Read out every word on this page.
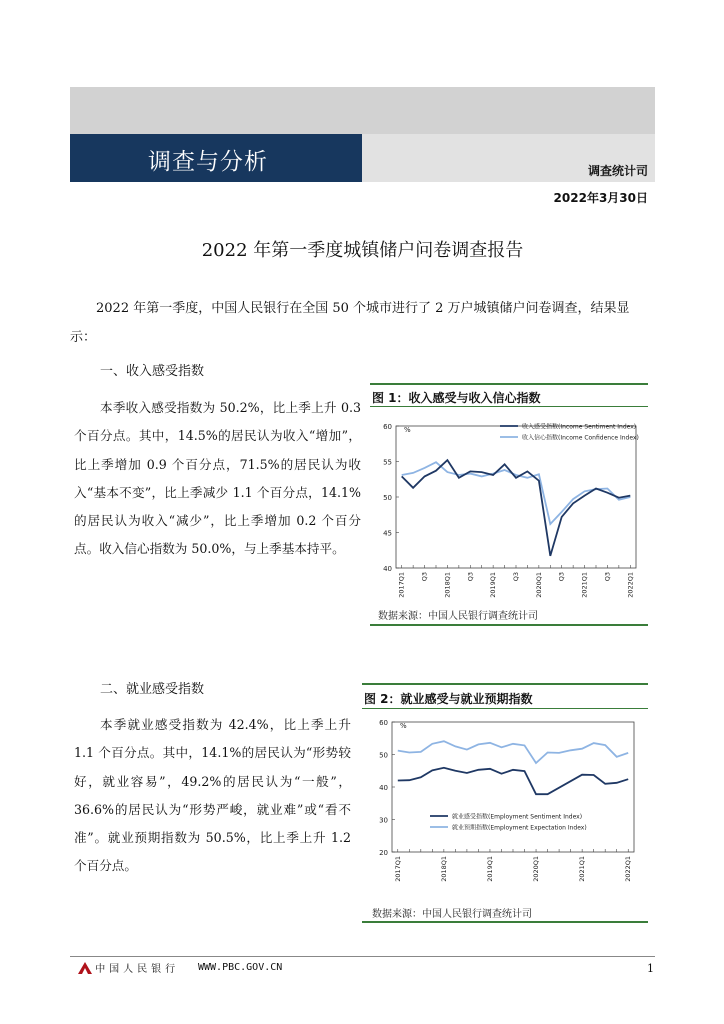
调查与分析	调查统计司
2022年3月30日
2022 年第一季度城镇储户问卷调查报告
2022 年第一季度，中国人民银行在全国 50 个城市进行了 2 万户城镇储户问卷调查，结果显示：
一、收入感受指数
本季收入感受指数为 50.2%，比上季上升 0.3 个百分点。其中，14.5%的居民认为收入“增加”，比上季增加 0.9 个百分点，71.5%的居民认为收入“基本不变”，比上季减少 1.1 个百分点，14.1%的居民认为收入“减少”，比上季增加 0.2 个百分点。收入信心指数为 50.0%，与上季基本持平。
图 1：收入感受与收入信心指数
60
55
50
45
40
%
2017Q1 Q3 2018Q1 Q3 2019Q1 Q3 2020Q1 Q3 2021Q1 Q3 2022Q1
收入感受指数(Income Sentiment Index)
收入信心指数(Income Confidence Index)
数据来源：中国人民银行调查统计司
二、就业感受指数
本季就业感受指数为 42.4%，比上季上升 1.1 个百分点。其中，14.1%的居民认为“形势较好，就业容易”，49.2%的居民认为“一般”，36.6%的居民认为“形势严峻，就业难”或“看不准”。就业预期指数为 50.5%，比上季上升 1.2 个百分点。
图 2：就业感受与就业预期指数
60
50
40
30
20
%
2017Q1	2018Q1	2019Q1	2020Q1	2021Q1	2022Q1
就业感受指数(Employment Sentiment Index)
就业预期指数(Employment Expectation Index)
数据来源：中国人民银行调查统计司
中国人民银行 WWW.PBC.GOV.CN	1
